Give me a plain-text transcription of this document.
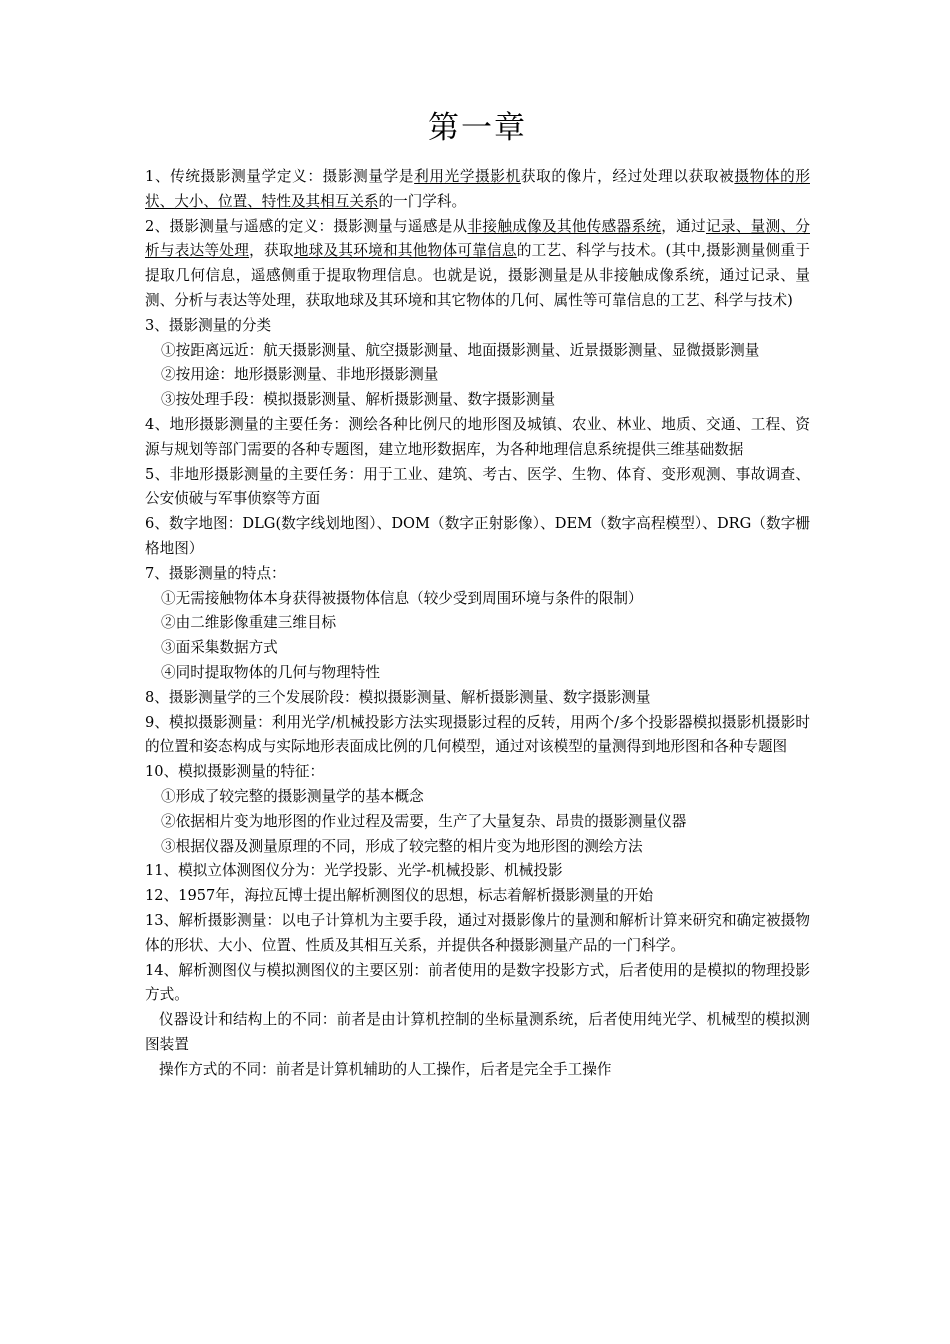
第一章

1、传统摄影测量学定义：摄影测量学是利用光学摄影机获取的像片，经过处理以获取被摄物体的形状、大小、位置、特性及其相互关系的一门学科。

2、摄影测量与遥感的定义：摄影测量与遥感是从非接触成像及其他传感器系统，通过记录、量测、分析与表达等处理，获取地球及其环境和其他物体可靠信息的工艺、科学与技术。(其中,摄影测量侧重于提取几何信息，遥感侧重于提取物理信息。也就是说，摄影测量是从非接触成像系统，通过记录、量测、分析与表达等处理，获取地球及其环境和其它物体的几何、属性等可靠信息的工艺、科学与技术)

3、摄影测量的分类

①按距离远近：航天摄影测量、航空摄影测量、地面摄影测量、近景摄影测量、显微摄影测量

②按用途：地形摄影测量、非地形摄影测量

③按处理手段：模拟摄影测量、解析摄影测量、数字摄影测量

4、地形摄影测量的主要任务：测绘各种比例尺的地形图及城镇、农业、林业、地质、交通、工程、资源与规划等部门需要的各种专题图，建立地形数据库，为各种地理信息系统提供三维基础数据

5、非地形摄影测量的主要任务：用于工业、建筑、考古、医学、生物、体育、变形观测、事故调查、公安侦破与军事侦察等方面

6、数字地图：DLG(数字线划地图）、DOM（数字正射影像）、DEM（数字高程模型）、DRG（数字栅格地图）

7、摄影测量的特点：

①无需接触物体本身获得被摄物体信息（较少受到周围环境与条件的限制）

②由二维影像重建三维目标

③面采集数据方式

④同时提取物体的几何与物理特性

8、摄影测量学的三个发展阶段：模拟摄影测量、解析摄影测量、数字摄影测量

9、模拟摄影测量：利用光学/机械投影方法实现摄影过程的反转，用两个/多个投影器模拟摄影机摄影时的位置和姿态构成与实际地形表面成比例的几何模型，通过对该模型的量测得到地形图和各种专题图

10、模拟摄影测量的特征：

①形成了较完整的摄影测量学的基本概念

②依据相片变为地形图的作业过程及需要，生产了大量复杂、昂贵的摄影测量仪器

③根据仪器及测量原理的不同，形成了较完整的相片变为地形图的测绘方法

11、模拟立体测图仪分为：光学投影、光学-机械投影、机械投影

12、1957年，海拉瓦博士提出解析测图仪的思想，标志着解析摄影测量的开始

13、解析摄影测量：以电子计算机为主要手段，通过对摄影像片的量测和解析计算来研究和确定被摄物体的形状、大小、位置、性质及其相互关系，并提供各种摄影测量产品的一门科学。

14、解析测图仪与模拟测图仪的主要区别：前者使用的是数字投影方式，后者使用的是模拟的物理投影方式。

仪器设计和结构上的不同：前者是由计算机控制的坐标量测系统，后者使用纯光学、机械型的模拟测图装置

操作方式的不同：前者是计算机辅助的人工操作，后者是完全手工操作
